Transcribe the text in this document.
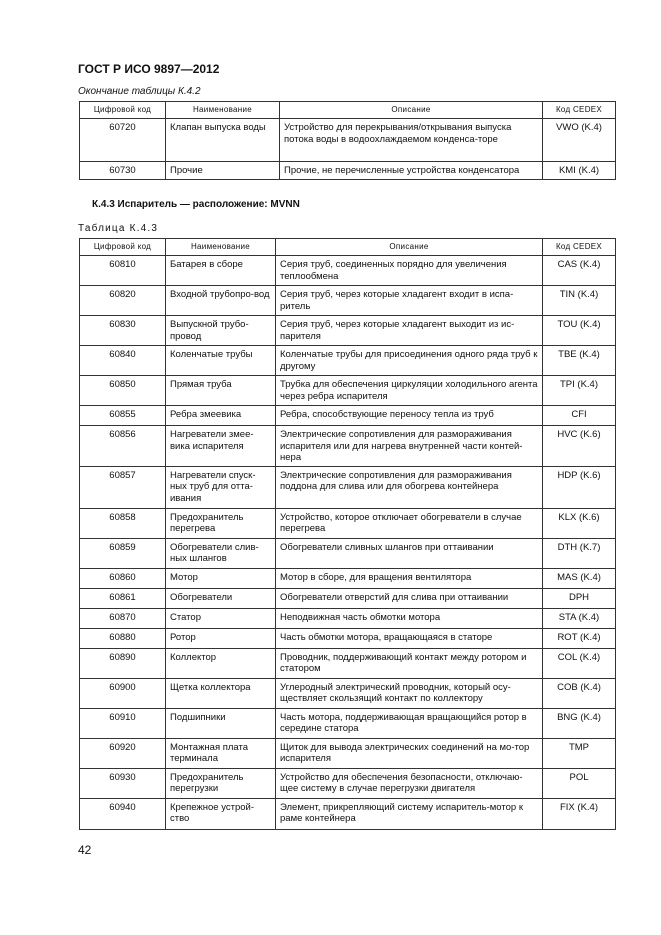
ГОСТ Р ИСО 9897—2012
Окончание таблицы К.4.2
Цифровой код	Наименование	Описание	Код CEDEX
60720	Клапан выпуска воды	Устройство для перекрывания/открывания выпуска потока воды в водоохлаждаемом конденса-торе	VWO (K.4)
60730	Прочие	Прочие, не перечисленные устройства конденсатора	KMI (K.4)
К.4.3 Испаритель — расположение: MVNN
Таблица К.4.3
Цифровой код	Наименование	Описание	Код CEDEX
60810	Батарея в сборе	Серия труб, соединенных порядно для увеличения теплообмена	CAS (K.4)
60820	Входной трубопро-вод	Серия труб, через которые хладагент входит в испа-ритель	TIN (K.4)
60830	Выпускной трубо-провод	Серия труб, через которые хладагент выходит из ис-парителя	TOU (K.4)
60840	Коленчатые трубы	Коленчатые трубы для присоединения одного ряда труб к другому	TBE (K.4)
60850	Прямая труба	Трубка для обеспечения циркуляции холодильного агента через ребра испарителя	TPI (K.4)
60855	Ребра змеевика	Ребра, способствующие переносу тепла из труб	CFI
60856	Нагреватели змее-вика испарителя	Электрические сопротивления для размораживания испарителя или для нагрева внутренней части контей-нера	HVC (K.6)
60857	Нагреватели спуск-ных труб для отта-ивания	Электрические сопротивления для размораживания поддона для слива или для обогрева контейнера	HDP (K.6)
60858	Предохранитель перегрева	Устройство, которое отключает обогреватели в случае перегрева	KLX (K.6)
60859	Обогреватели слив-ных шлангов	Обогреватели сливных шлангов при оттаивании	DTH (K.7)
60860	Мотор	Мотор в сборе, для вращения вентилятора	MAS (K.4)
60861	Обогреватели	Обогреватели отверстий для слива при оттаивании	DPH
60870	Статор	Неподвижная часть обмотки мотора	STA (K.4)
60880	Ротор	Часть обмотки мотора, вращающаяся в статоре	ROT (K.4)
60890	Коллектор	Проводник, поддерживающий контакт между ротором и статором	COL (K.4)
60900	Щетка коллектора	Углеродный электрический проводник, который осу-ществляет скользящий контакт по коллектору	COB (K.4)
60910	Подшипники	Часть мотора, поддерживающая вращающийся ротор в середине статора	BNG (K.4)
60920	Монтажная плата терминала	Щиток для вывода электрических соединений на мо-тор испарителя	TMP
60930	Предохранитель перегрузки	Устройство для обеспечения безопасности, отключаю-щее систему в случае перегрузки двигателя	POL
60940	Крепежное устрой-ство	Элемент, прикрепляющий систему испаритель-мотор к раме контейнера	FIX (K.4)
42
